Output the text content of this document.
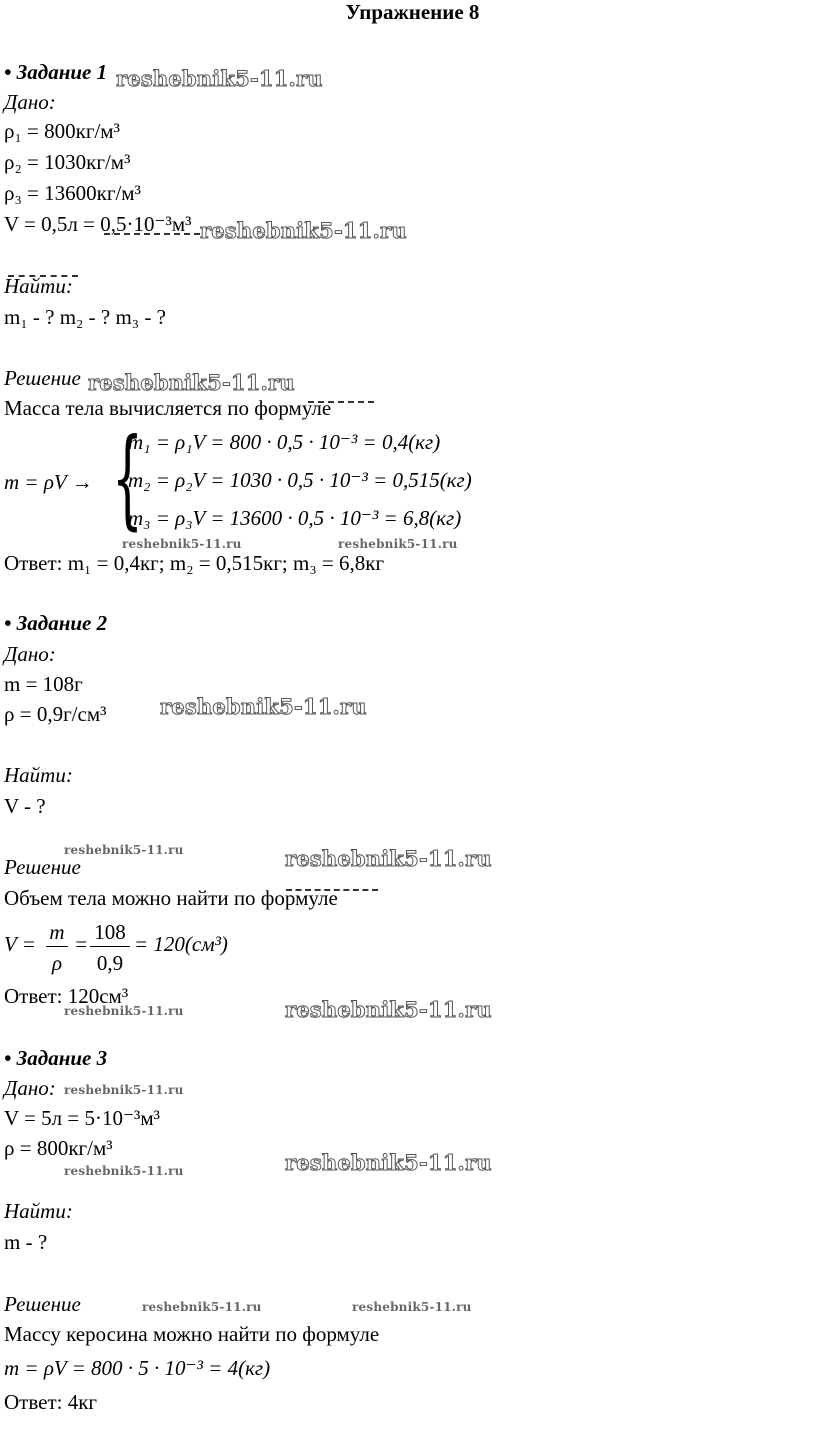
Упражнение 8
• Задание 1
Дано:
ρ₁ = 800кг/м³
ρ₂ = 1030кг/м³
ρ₃ = 13600кг/м³
V = 0,5л = 0,5·10⁻³м³
Найти:
m₁ - ? m₂ - ? m₃ - ?
Решение
Масса тела вычисляется по формуле
m = ρV → {
m₁ = ρ₁V = 800 · 0,5 · 10⁻³ = 0,4(кг)
m₂ = ρ₂V = 1030 · 0,5 · 10⁻³ = 0,515(кг)
m₃ = ρ₃V = 13600 · 0,5 · 10⁻³ = 6,8(кг)
Ответ: m₁ = 0,4кг; m₂ = 0,515кг; m₃ = 6,8кг
• Задание 2
Дано:
m = 108г
ρ = 0,9г/см³
Найти:
V - ?
Решение
Объем тела можно найти по формуле
V = m
ρ
= 108
0,9
= 120(см³)
Ответ: 120см³
• Задание 3
Дано:
V = 5л = 5·10⁻³м³
ρ = 800кг/м³
Найти:
m - ?
Решение
Массу керосина можно найти по формуле
m = ρV = 800 · 5 · 10⁻³ = 4(кг)
Ответ: 4кг
reshebnik5-11.ru
reshebnik5-11.ru
reshebnik5-11.ru
reshebnik5-11.ru	reshebnik5-11.ru
reshebnik5-11.ru
reshebnik5-11.ru	reshebnik5-11.ru
reshebnik5-11.ru	reshebnik5-11.ru
reshebnik5-11.ru
reshebnik5-11.ru	reshebnik5-11.ru
reshebnik5-11.ru	reshebnik5-11.ru
